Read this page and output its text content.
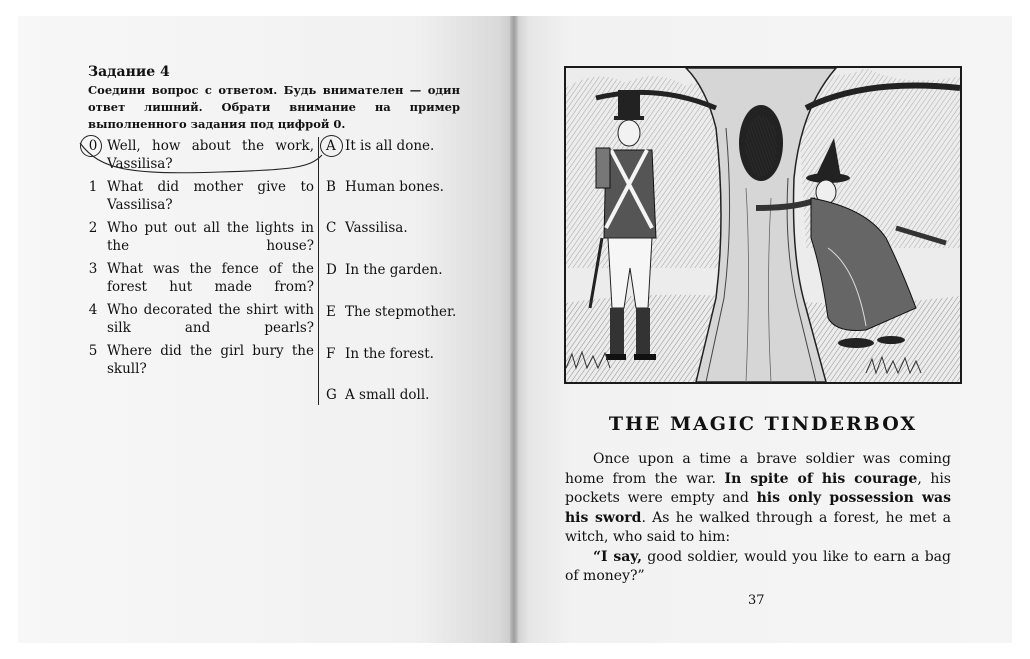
Задание 4
Соедини вопрос с ответом. Будь внимателен — один ответ лишний. Обрати внимание на пример выполненного задания под цифрой 0.
0 Well, how about the work, Vassilisa?
1 What did mother give to Vassilisa?
2 Who put out all the lights in the house?
3 What was the fence of the forest hut made from?
4 Who decorated the shirt with silk and pearls?
5 Where did the girl bury the skull?
A It is all done.
B Human bones.
C Vassilisa.
D In the garden.
E The stepmother.
F In the forest.
G A small doll.
THE MAGIC TINDERBOX

Once upon a time a brave soldier was coming home from the war. In spite of his courage, his pockets were empty and his only possession was his sword. As he walked through a forest, he met a witch, who said to him:

“I say, good soldier, would you like to earn a bag of money?”

37
